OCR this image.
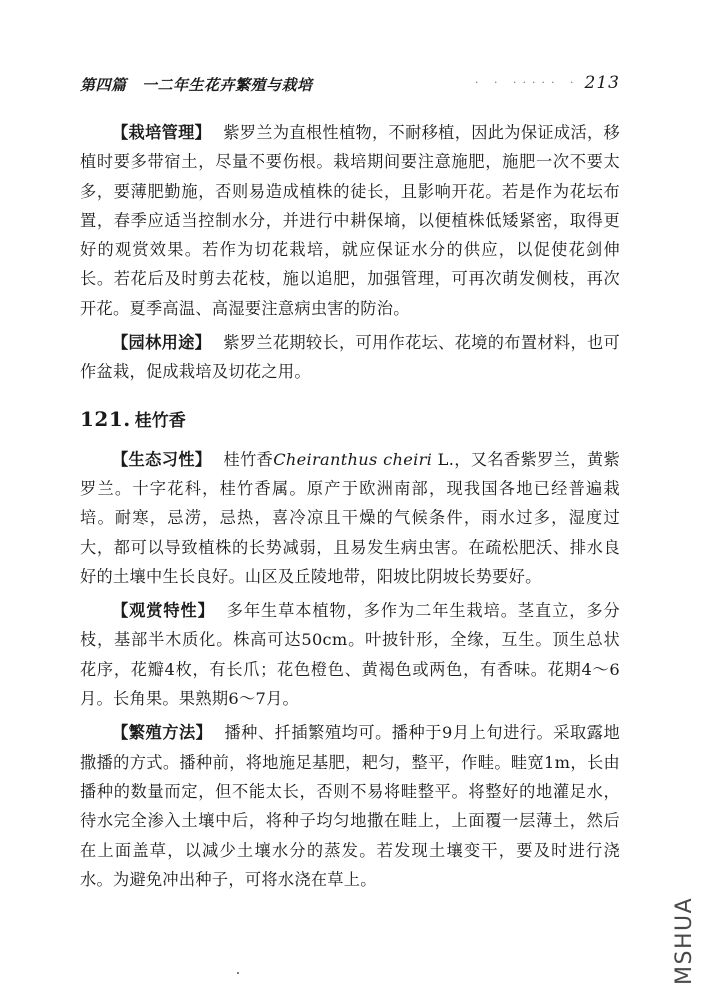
第四篇　一二年生花卉繁殖与栽培	· · ····· · 213

【栽培管理】 紫罗兰为直根性植物，不耐移植，因此为保证成活，移植时要多带宿土，尽量不要伤根。栽培期间要注意施肥，施肥一次不要太多，要薄肥勤施，否则易造成植株的徒长，且影响开花。若是作为花坛布置，春季应适当控制水分，并进行中耕保墒，以便植株低矮紧密，取得更好的观赏效果。若作为切花栽培，就应保证水分的供应，以促使花剑伸长。若花后及时剪去花枝，施以追肥，加强管理，可再次萌发侧枝，再次开花。夏季高温、高湿要注意病虫害的防治。

【园林用途】 紫罗兰花期较长，可用作花坛、花境的布置材料，也可作盆栽，促成栽培及切花之用。

121. 桂竹香

【生态习性】 桂竹香Cheiranthus cheiri L.，又名香紫罗兰，黄紫罗兰。十字花科，桂竹香属。原产于欧洲南部，现我国各地已经普遍栽培。耐寒，忌涝，忌热，喜冷凉且干燥的气候条件，雨水过多，湿度过大，都可以导致植株的长势减弱，且易发生病虫害。在疏松肥沃、排水良好的土壤中生长良好。山区及丘陵地带，阳坡比阴坡长势要好。

【观赏特性】 多年生草本植物，多作为二年生栽培。茎直立，多分枝，基部半木质化。株高可达50cm。叶披针形，全缘，互生。顶生总状花序，花瓣4枚，有长爪；花色橙色、黄褐色或两色，有香味。花期4～6月。长角果。果熟期6～7月。

【繁殖方法】 播种、扦插繁殖均可。播种于9月上旬进行。采取露地撒播的方式。播种前，将地施足基肥，耙匀，整平，作畦。畦宽1m，长由播种的数量而定，但不能太长，否则不易将畦整平。将整好的地灌足水，待水完全渗入土壤中后，将种子均匀地撒在畦上，上面覆一层薄土，然后在上面盖草，以减少土壤水分的蒸发。若发现土壤变干，要及时进行浇水。为避免冲出种子，可将水浇在草上。

MSHUA
